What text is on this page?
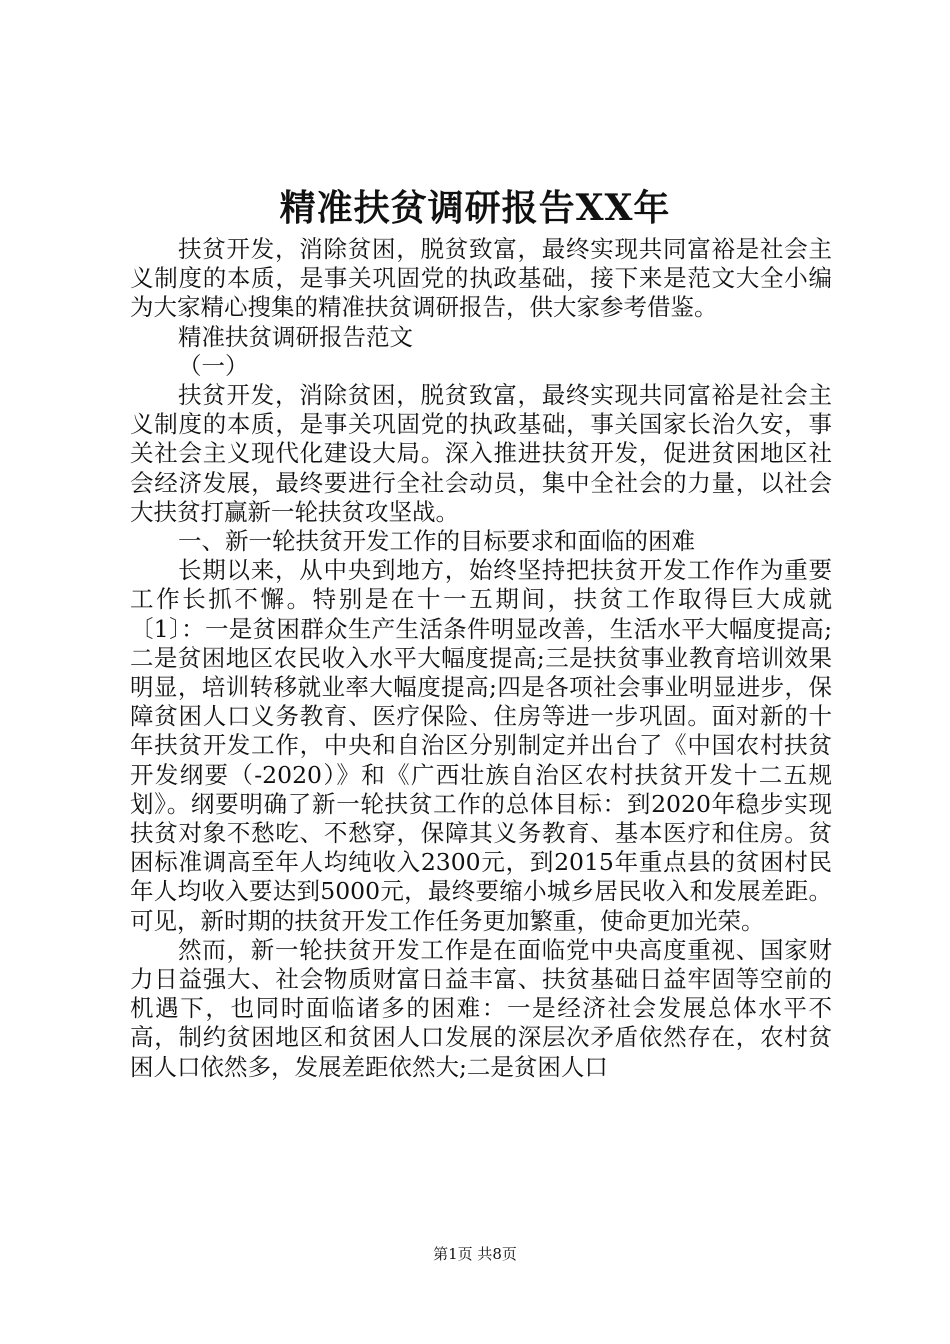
精准扶贫调研报告XX年

扶贫开发，消除贫困，脱贫致富，最终实现共同富裕是社会主义制度的本质，是事关巩固党的执政基础，接下来是范文大全小编为大家精心搜集的精准扶贫调研报告，供大家参考借鉴。

精准扶贫调研报告范文

（一）

扶贫开发，消除贫困，脱贫致富，最终实现共同富裕是社会主义制度的本质，是事关巩固党的执政基础，事关国家长治久安，事关社会主义现代化建设大局。深入推进扶贫开发，促进贫困地区社会经济发展，最终要进行全社会动员，集中全社会的力量，以社会大扶贫打赢新一轮扶贫攻坚战。

一、新一轮扶贫开发工作的目标要求和面临的困难

长期以来，从中央到地方，始终坚持把扶贫开发工作作为重要工作长抓不懈。特别是在十一五期间，扶贫工作取得巨大成就〔1〕：一是贫困群众生产生活条件明显改善，生活水平大幅度提高;二是贫困地区农民收入水平大幅度提高;三是扶贫事业教育培训效果明显，培训转移就业率大幅度提高;四是各项社会事业明显进步，保障贫困人口义务教育、医疗保险、住房等进一步巩固。面对新的十年扶贫开发工作，中央和自治区分别制定并出台了《中国农村扶贫开发纲要（-2020）》和《广西壮族自治区农村扶贫开发十二五规划》。纲要明确了新一轮扶贫工作的总体目标：到2020年稳步实现扶贫对象不愁吃、不愁穿，保障其义务教育、基本医疗和住房。贫困标准调高至年人均纯收入2300元，到2015年重点县的贫困村民年人均收入要达到5000元，最终要缩小城乡居民收入和发展差距。可见，新时期的扶贫开发工作任务更加繁重，使命更加光荣。

然而，新一轮扶贫开发工作是在面临党中央高度重视、国家财力日益强大、社会物质财富日益丰富、扶贫基础日益牢固等空前的机遇下，也同时面临诸多的困难：一是经济社会发展总体水平不高，制约贫困地区和贫困人口发展的深层次矛盾依然存在，农村贫困人口依然多，发展差距依然大;二是贫困人口

第1页 共8页
